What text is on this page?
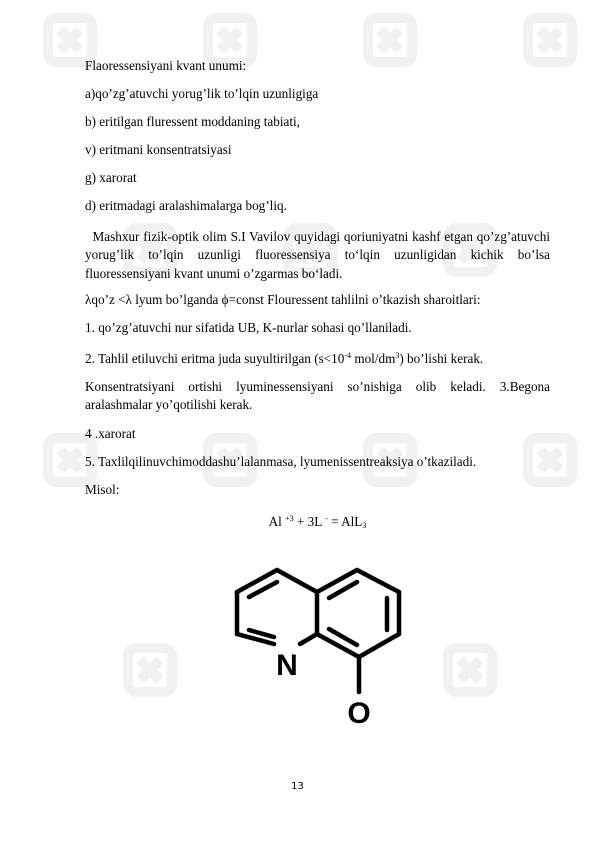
Flaoressensiyani kvant unumi:
a)qo’zg’atuvchi yorug’lik to’lqin uzunligiga
b) eritilgan fluressent moddaning tabiati,
v) eritmani konsentratsiyasi
g) xarorat
d) eritmadagi aralashimalarga bog’liq.
Mashxur fizik-optik olim S.I Vavilov quyidagi qoriuniyatni kashf etgan qo’zg’atuvchi yorug’lik to’lqin uzunligi fluoressensiya to‘lqin uzunligidan kichik bo’lsa fluoressensiyani kvant unumi o’zgarmas bo‘ladi.
λqo’z <λ lyum bo’lganda ϕ=const Flouressent tahlilni o’tkazish sharoitlari:
1. qo’zg’atuvchi nur sifatida UB, K-nurlar sohasi qo’llaniladi.
2. Tahlil etiluvchi eritma juda suyultirilgan ($s<10^{-4}$ mol/$dm^3$) bo’lishi kerak.
Konsentratsiyani ortishi lyuminessensiyani so’nishiga olib keladi. 3.Begona aralashmalar yo’qotilishi kerak.
4 .xarorat
5. Taxlilqilinuvchimoddashu’lalanmasa, lyumenissentreaksiya o’tkaziladi.
Misol:
Al $^{+3}$ + 3L - = AlL$_3$
N
O
13
